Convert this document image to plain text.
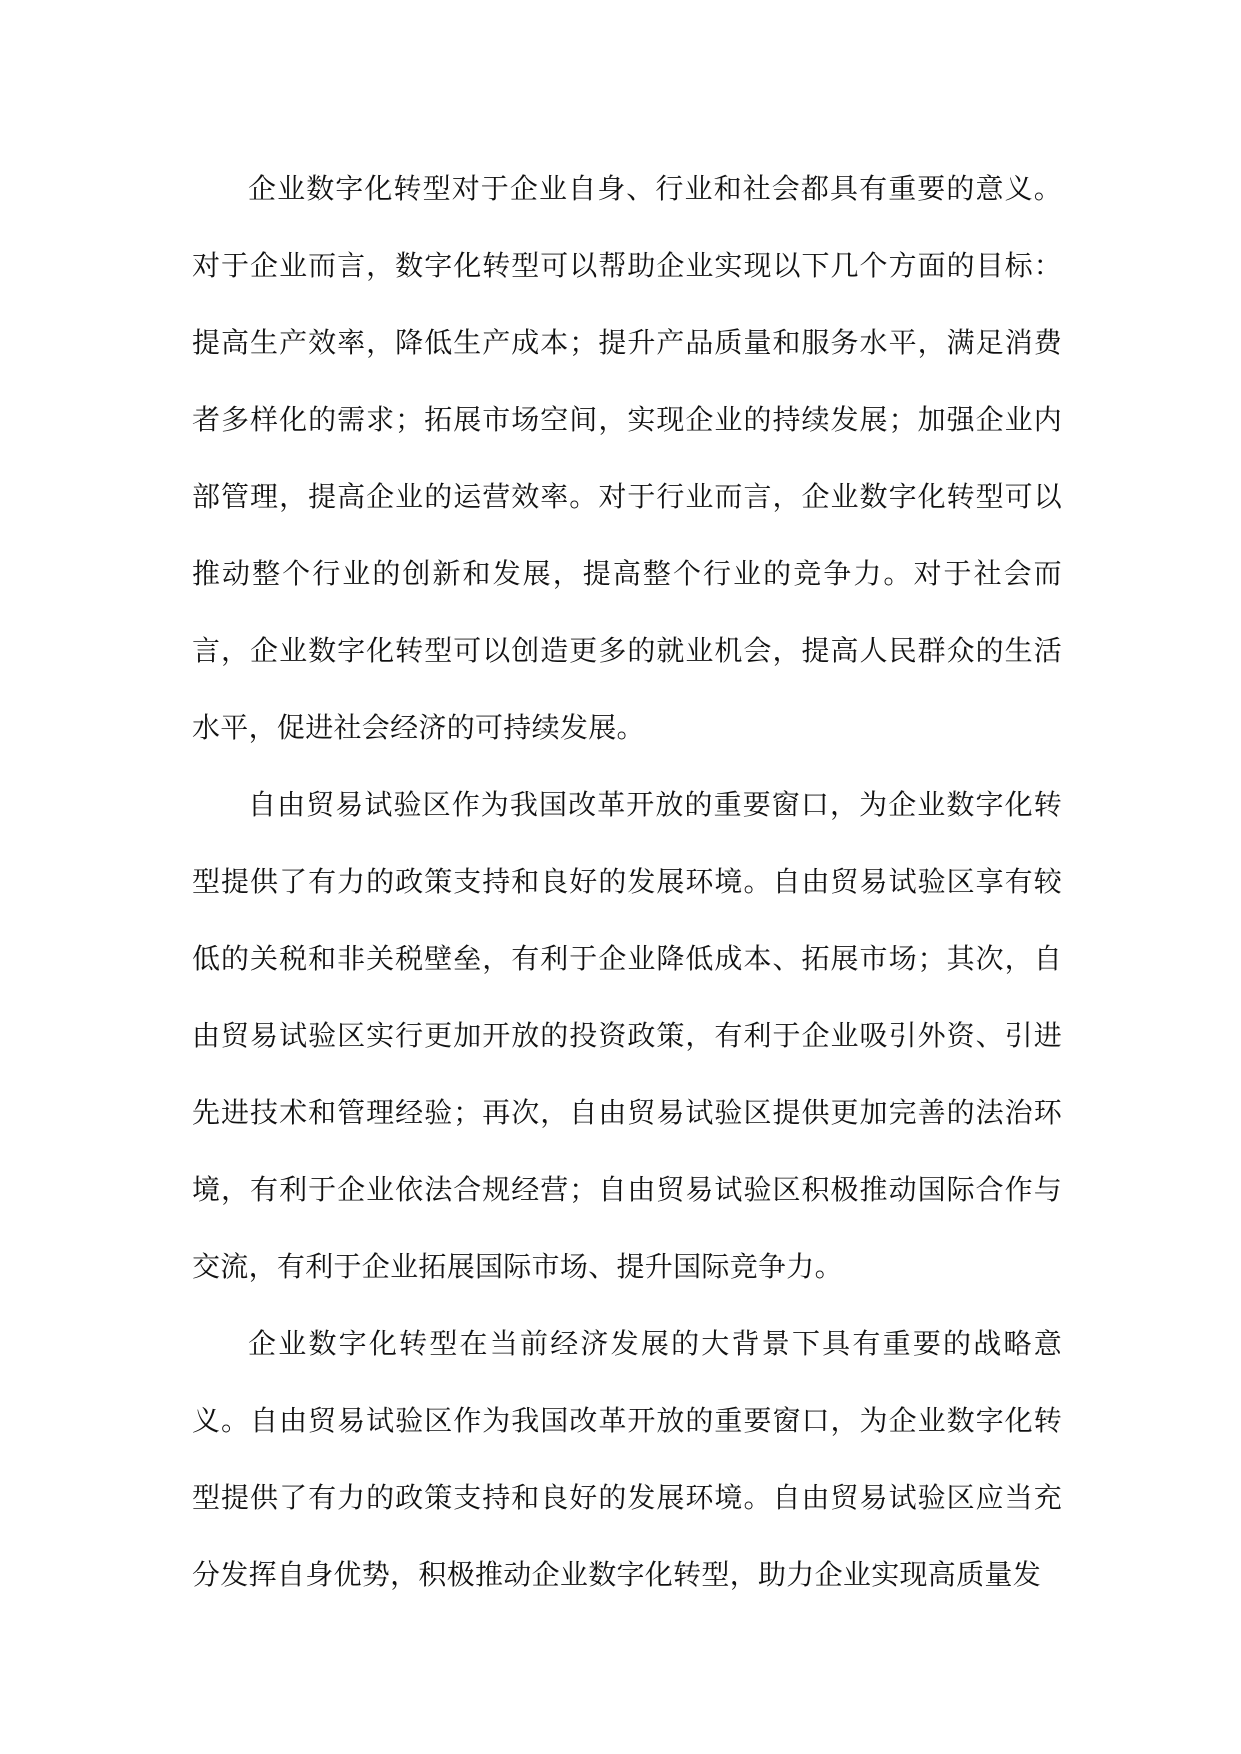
企业数字化转型对于企业自身、行业和社会都具有重要的意义。对于企业而言，数字化转型可以帮助企业实现以下几个方面的目标：提高生产效率，降低生产成本；提升产品质量和服务水平，满足消费者多样化的需求；拓展市场空间，实现企业的持续发展；加强企业内部管理，提高企业的运营效率。对于行业而言，企业数字化转型可以推动整个行业的创新和发展，提高整个行业的竞争力。对于社会而言，企业数字化转型可以创造更多的就业机会，提高人民群众的生活水平，促进社会经济的可持续发展。

自由贸易试验区作为我国改革开放的重要窗口，为企业数字化转型提供了有力的政策支持和良好的发展环境。自由贸易试验区享有较低的关税和非关税壁垒，有利于企业降低成本、拓展市场；其次，自由贸易试验区实行更加开放的投资政策，有利于企业吸引外资、引进先进技术和管理经验；再次，自由贸易试验区提供更加完善的法治环境，有利于企业依法合规经营；自由贸易试验区积极推动国际合作与交流，有利于企业拓展国际市场、提升国际竞争力。

企业数字化转型在当前经济发展的大背景下具有重要的战略意义。自由贸易试验区作为我国改革开放的重要窗口，为企业数字化转型提供了有力的政策支持和良好的发展环境。自由贸易试验区应当充分发挥自身优势，积极推动企业数字化转型，助力企业实现高质量发
